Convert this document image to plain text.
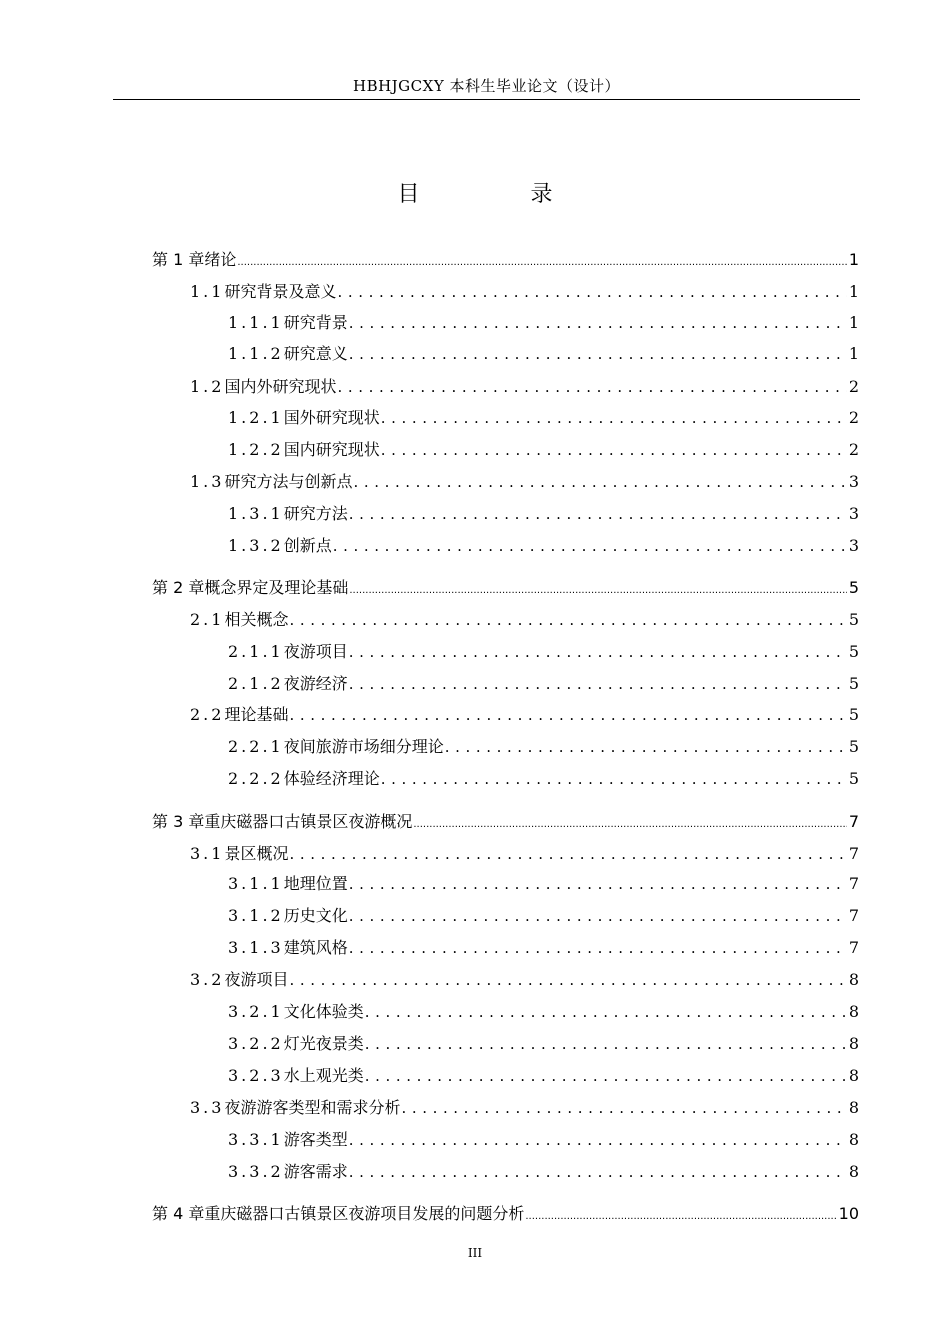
HBHJGCXY 本科生毕业论文（设计）
目 录
第 1 章 绪论 .....	1
1.1 研究背景及意义 .....	1
1.1.1 研究背景 .....	1
1.1.2 研究意义 .....	1
1.2 国内外研究现状 .....	2
1.2.1 国外研究现状 .....	2
1.2.2 国内研究现状 .....	2
1.3 研究方法与创新点 .....	3
1.3.1 研究方法 .....	3
1.3.2 创新点 .....	3
第 2 章 概念界定及理论基础 .....	5
2.1 相关概念 .....	5
2.1.1 夜游项目 .....	5
2.1.2 夜游经济 .....	5
2.2 理论基础 .....	5
2.2.1 夜间旅游市场细分理论 .....	5
2.2.2 体验经济理论 .....	5
第 3 章 重庆磁器口古镇景区夜游概况 .....	7
3.1 景区概况 .....	7
3.1.1 地理位置 .....	7
3.1.2 历史文化 .....	7
3.1.3 建筑风格 .....	7
3.2 夜游项目 .....	8
3.2.1 文化体验类 .....	8
3.2.2 灯光夜景类 .....	8
3.2.3 水上观光类 .....	8
3.3 夜游游客类型和需求分析 .....	8
3.3.1 游客类型 .....	8
3.3.2 游客需求 .....	8
第 4 章 重庆磁器口古镇景区夜游项目发展的问题分析 .....	10
III
